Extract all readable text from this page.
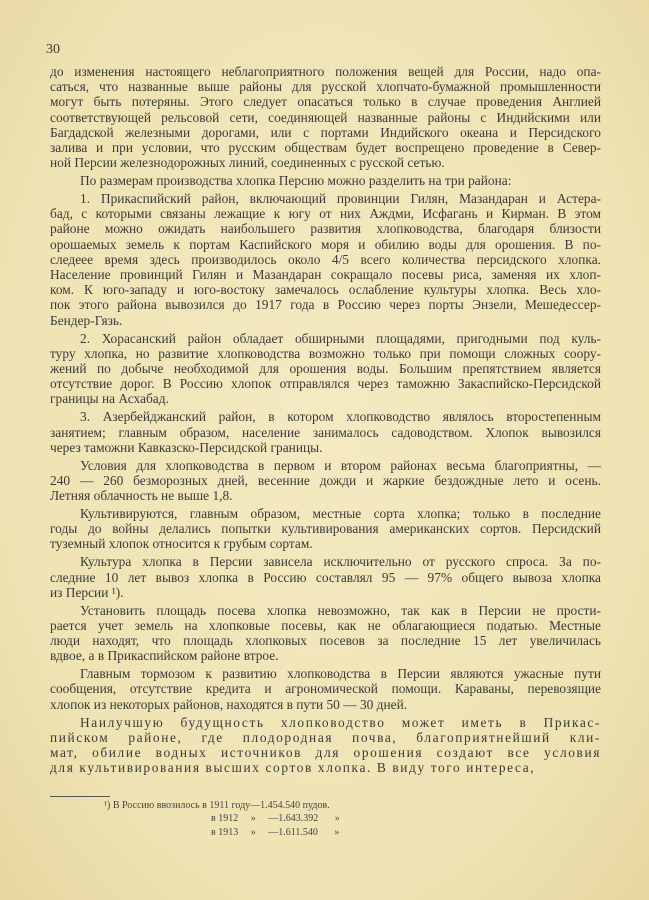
30
до изменения настоящего неблагоприятного положения вещей для России, надо опа-
саться, что названные выше районы для русской хлопчато-бумажной промышленности
могут быть потеряны. Этого следует опасаться только в случае проведения Англией
соответствующей рельсовой сети, соединяющей названные районы с Индийскими или
Багдадской железными дорогами, или с портами Индийского океана и Персидского
залива и при условии, что русским обществам будет воспрещено проведение в Север-
ной Персии железнодорожных линий, соединенных с русской сетью.
По размерам производства хлопка Персию можно разделить на три района:
1. Прикаспийский район, включающий провинции Гилян, Мазандаран и Астера-
бад, с которыми связаны лежащие к югу от них Аждми, Исфагань и Кирман. В этом
районе можно ожидать наибольшего развития хлопководства, благодаря близости
орошаемых земель к портам Каспийского моря и обилию воды для орошения. В по-
следеее время здесь производилось около 4/5 всего количества персидского хлопка.
Население провинций Гилян и Мазандаран сокращало посевы риса, заменяя их хлоп-
ком. К юго-западу и юго-востоку замечалось ослабление культуры хлопка. Весь хло-
пок этого района вывозился до 1917 года в Россию через порты Энзели, Мешедессер-
Бендер-Гязь.
2. Хорасанский район обладает обширными площадями, пригодными под куль-
туру хлопка, но развитие хлопководства возможно только при помощи сложных соору-
жений по добыче необходимой для орошения воды. Большим препятствием является
отсутствие дорог. В Россию хлопок отправлялся через таможню Закаспийско-Персидской
границы на Асхабад.
3. Азербейджанский район, в котором хлопководство являлось второстепенным
занятием; главным образом, население занималось садоводством. Хлопок вывозился
через таможни Кавказско-Персидской границы.
Условия для хлопководства в первом и втором районах весьма благоприятны, —
240 — 260 безморозных дней, весенние дожди и жаркие бездождные лето и осень.
Летняя облачность не выше 1,8.
Культивируются, главным образом, местные сорта хлопка; только в последние
годы до войны делались попытки культивирования американских сортов. Персидский
туземный хлопок относится к грубым сортам.
Культура хлопка в Персии зависела исключительно от русского спроса. За по-
следние 10 лет вывоз хлопка в Россию составлял 95 — 97% общего вывоза хлопка
из Персии ¹).
Установить площадь посева хлопка невозможно, так как в Персии не прости-
рается учет земель на хлопковые посевы, как не облагающиеся податью. Местные
люди находят, что площадь хлопковых посевов за последние 15 лет увеличилась
вдвое, а в Прикаспийском районе втрое.
Главным тормозом к развитию хлопководства в Персии являются ужасные пути
сообщения, отсутствие кредита и агрономической помощи. Караваны, перевозящие
хлопок из некоторых районов, находятся в пути 50 — 30 дней.
Наилучшую будущность хлопководство может иметь в Прикас-
пийском районе, где плодородная почва, благоприятнейший кли-
мат, обилие водных источников для орошения создают все условия
для культивирования высших сортов хлопка. В виду того интереса,
¹) В Россию ввозилось в 1911 году—1.454.540 пудов.
в 1912 » —1.643.392 »
в 1913 » —1.611.540 »
